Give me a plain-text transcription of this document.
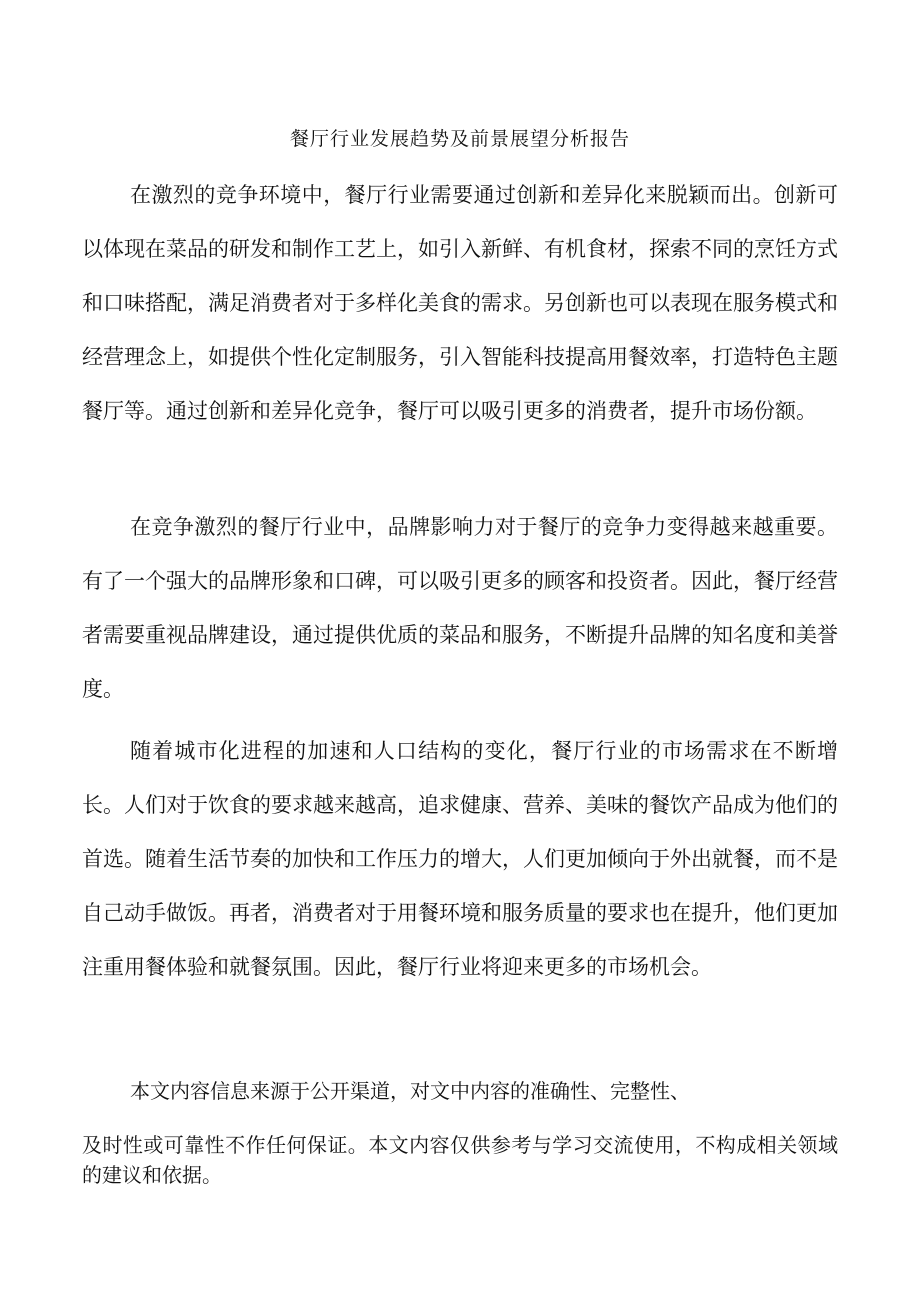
餐厅行业发展趋势及前景展望分析报告

在激烈的竞争环境中，餐厅行业需要通过创新和差异化来脱颖而出。创新可以体现在菜品的研发和制作工艺上，如引入新鲜、有机食材，探索不同的烹饪方式和口味搭配，满足消费者对于多样化美食的需求。另创新也可以表现在服务模式和经营理念上，如提供个性化定制服务，引入智能科技提高用餐效率，打造特色主题餐厅等。通过创新和差异化竞争，餐厅可以吸引更多的消费者，提升市场份额。

在竞争激烈的餐厅行业中，品牌影响力对于餐厅的竞争力变得越来越重要。有了一个强大的品牌形象和口碑，可以吸引更多的顾客和投资者。因此，餐厅经营者需要重视品牌建设，通过提供优质的菜品和服务，不断提升品牌的知名度和美誉度。

随着城市化进程的加速和人口结构的变化，餐厅行业的市场需求在不断增长。人们对于饮食的要求越来越高，追求健康、营养、美味的餐饮产品成为他们的首选。随着生活节奏的加快和工作压力的增大，人们更加倾向于外出就餐，而不是自己动手做饭。再者，消费者对于用餐环境和服务质量的要求也在提升，他们更加注重用餐体验和就餐氛围。因此，餐厅行业将迎来更多的市场机会。

本文内容信息来源于公开渠道，对文中内容的准确性、完整性、

及时性或可靠性不作任何保证。本文内容仅供参考与学习交流使用，不构成相关领域的建议和依据。
